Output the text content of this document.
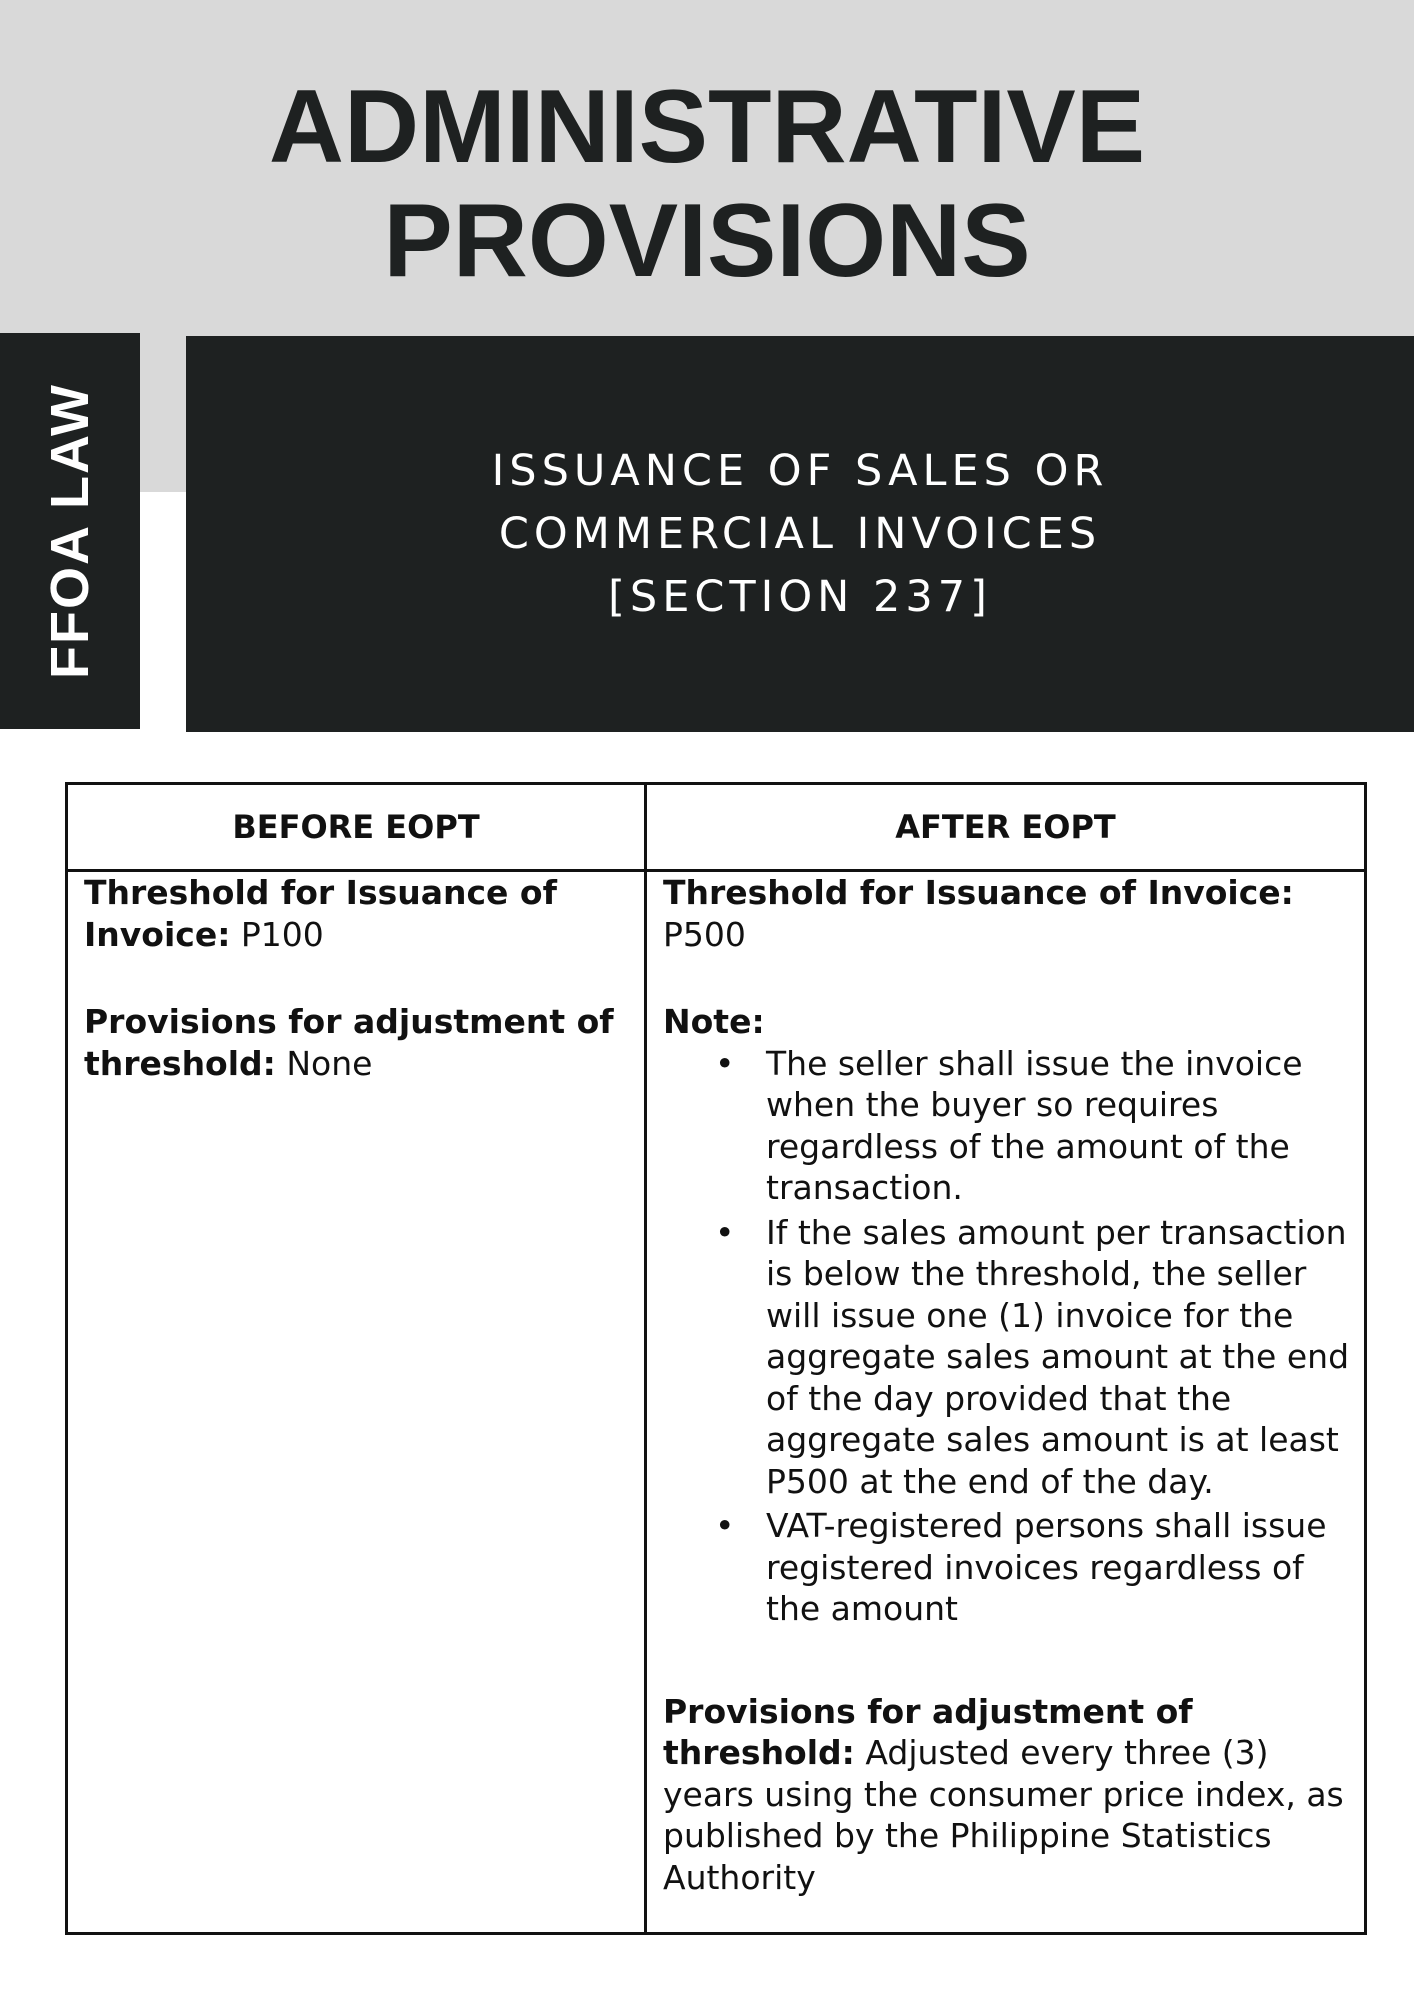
ADMINISTRATIVE
PROVISIONS
FFOA LAW	ISSUANCE OF SALES OR
COMMERCIAL INVOICES
[SECTION 237]
BEFORE EOPT	AFTER EOPT

Threshold for Issuance of Invoice: P100

Provisions for adjustment of threshold: None

Threshold for Issuance of Invoice:
P500

Note:

• The seller shall issue the invoice when the buyer so requires regardless of the amount of the transaction.
• If the sales amount per transaction is below the threshold, the seller will issue one (1) invoice for the aggregate sales amount at the end of the day provided that the aggregate sales amount is at least P500 at the end of the day.
• VAT-registered persons shall issue registered invoices regardless of the amount

Provisions for adjustment of threshold: Adjusted every three (3) years using the consumer price index, as published by the Philippine Statistics Authority
